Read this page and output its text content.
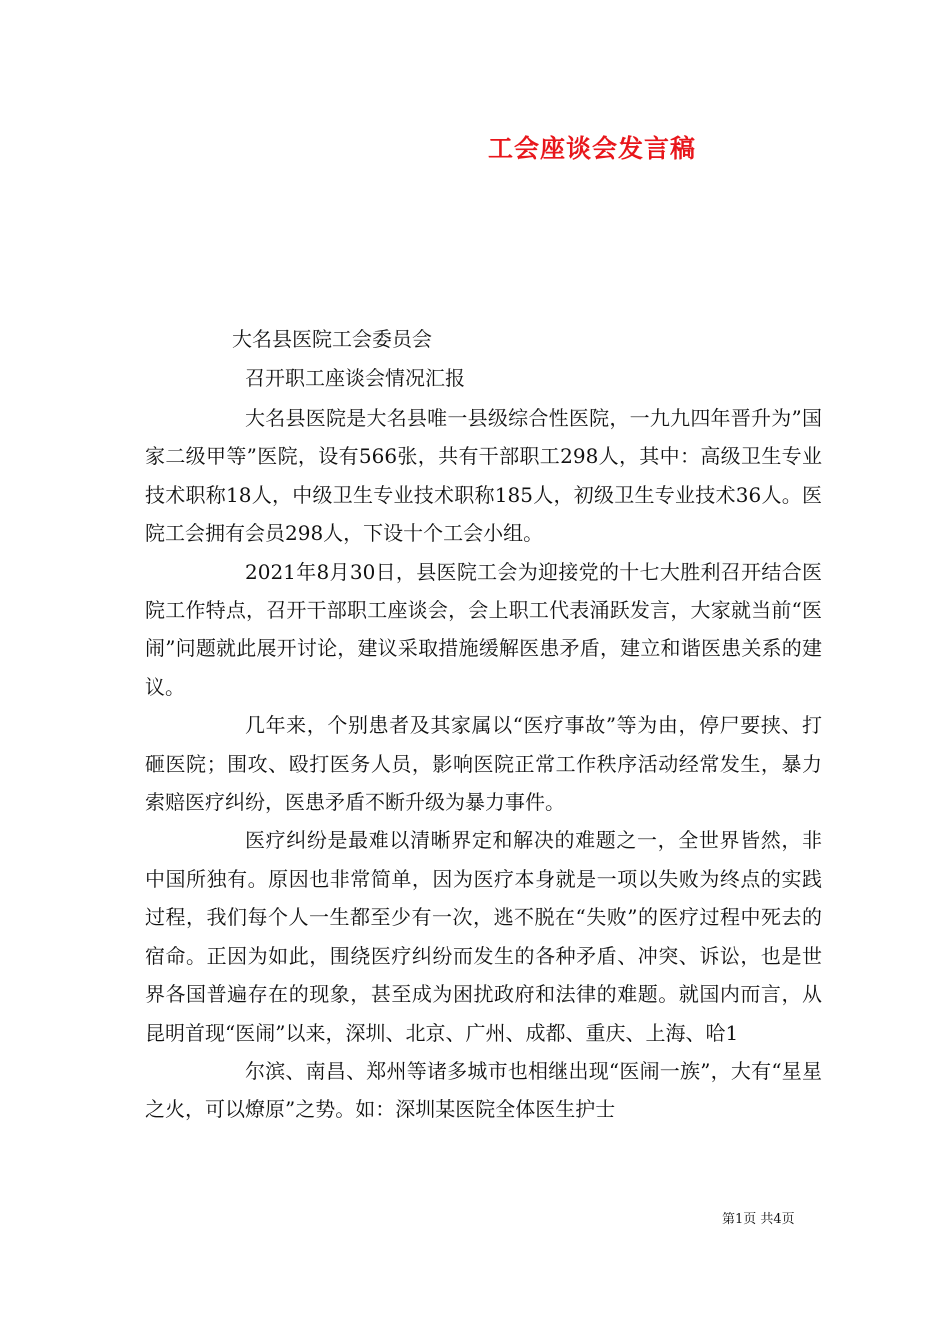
工会座谈会发言稿

大名县医院工会委员会

召开职工座谈会情况汇报

大名县医院是大名县唯一县级综合性医院，一九九四年晋升为”国家二级甲等”医院，设有566张，共有干部职工298人，其中：高级卫生专业技术职称18人，中级卫生专业技术职称185人，初级卫生专业技术36人。医院工会拥有会员298人，下设十个工会小组。

2021年8月30日，县医院工会为迎接党的十七大胜利召开结合医院工作特点，召开干部职工座谈会，会上职工代表涌跃发言，大家就当前“医闹”问题就此展开讨论，建议采取措施缓解医患矛盾，建立和谐医患关系的建议。

几年来，个别患者及其家属以“医疗事故”等为由，停尸要挟、打砸医院；围攻、殴打医务人员，影响医院正常工作秩序活动经常发生，暴力索赔医疗纠纷，医患矛盾不断升级为暴力事件。

医疗纠纷是最难以清晰界定和解决的难题之一，全世界皆然，非中国所独有。原因也非常简单，因为医疗本身就是一项以失败为终点的实践过程，我们每个人一生都至少有一次，逃不脱在“失败”的医疗过程中死去的宿命。正因为如此，围绕医疗纠纷而发生的各种矛盾、冲突、诉讼，也是世界各国普遍存在的现象，甚至成为困扰政府和法律的难题。就国内而言，从昆明首现“医闹”以来，深圳、北京、广州、成都、重庆、上海、哈1

尔滨、南昌、郑州等诸多城市也相继出现“医闹一族”，大有“星星之火，可以燎原”之势。如：深圳某医院全体医生护士

第1页 共4页
